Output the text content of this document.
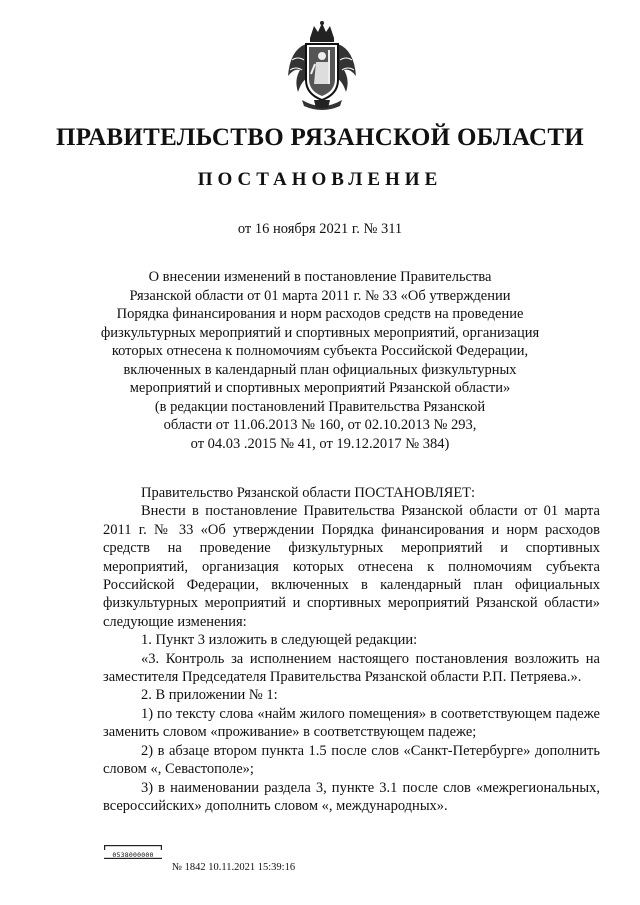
ПРАВИТЕЛЬСТВО РЯЗАНСКОЙ ОБЛАСТИ
ПОСТАНОВЛЕНИЕ
от 16 ноября 2021 г. № 311
О внесении изменений в постановление Правительства
Рязанской области от 01 марта 2011 г. № 33 «Об утверждении
Порядка финансирования и норм расходов средств на проведение
физкультурных мероприятий и спортивных мероприятий, организация
которых отнесена к полномочиям субъекта Российской Федерации,
включенных в календарный план официальных физкультурных
мероприятий и спортивных мероприятий Рязанской области»
(в редакции постановлений Правительства Рязанской
области от 11.06.2013 № 160, от 02.10.2013 № 293,
от 04.03 .2015 № 41, от 19.12.2017 № 384)

Правительство Рязанской области ПОСТАНОВЛЯЕТ:

Внести в постановление Правительства Рязанской области от 01 марта 2011 г. № 33 «Об утверждении Порядка финансирования и норм расходов средств на проведение физкультурных мероприятий и спортивных мероприятий, организация которых отнесена к полномочиям субъекта Российской Федерации, включенных в календарный план официальных физкультурных мероприятий и спортивных мероприятий Рязанской области» следующие изменения:

1. Пункт 3 изложить в следующей редакции:

«3. Контроль за исполнением настоящего постановления возложить на заместителя Председателя Правительства Рязанской области Р.П. Петряева.».

2. В приложении № 1:

1) по тексту слова «найм жилого помещения» в соответствующем падеже заменить словом «проживание» в соответствующем падеже;

2) в абзаце втором пункта 1.5 после слов «Санкт-Петербурге» дополнить словом «, Севастополе»;

3) в наименовании раздела 3, пункте 3.1 после слов «межрегиональных, всероссийских» дополнить словом «, международных».

0538000000
№ 1842 10.11.2021 15:39:16
